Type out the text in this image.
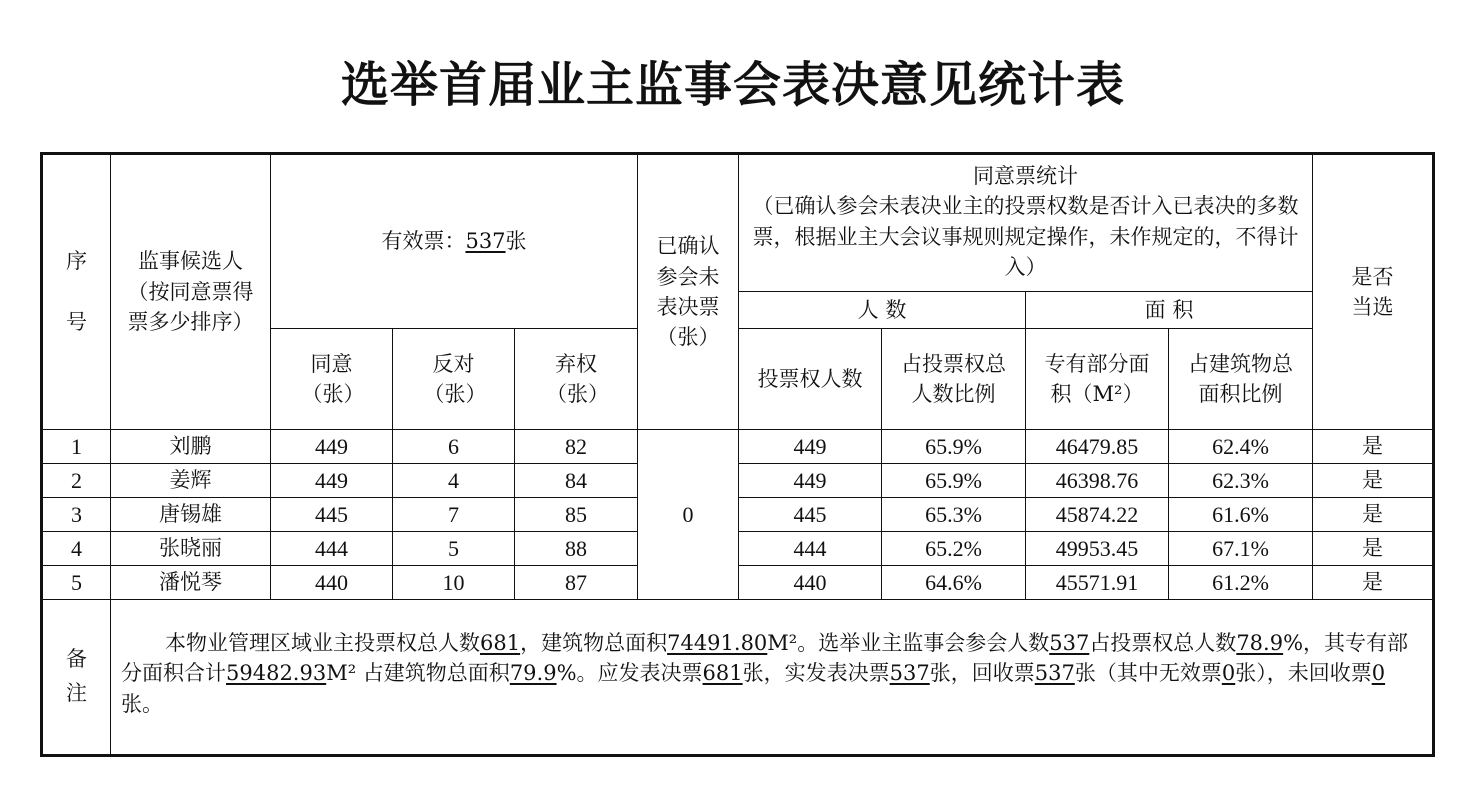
选举首届业主监事会表决意见统计表
序号	监事候选人（按同意票得票多少排序）	有效票：537张			已确认参会未表决票（张）	同意票统计
（已确认参会未表决业主的投票权数是否计入已表决的多数票，根据业主大会议事规则规定操作，未作规定的，不得计入）				是否当选

						人 数		面 积		

		同意（张）	反对（张）	弃权（张）		投票权人数	占投票权总人数比例	专有部分面积（M²）	占建筑物总面积比例	

1	刘鹏	449	6	82	0	449	65.9%	46479.85	62.4%	是
2	姜辉	449	4	84		449	65.9%	46398.76	62.3%	是
3	唐锡雄	445	7	85		445	65.3%	45874.22	61.6%	是
4	张晓丽	444	5	88		444	65.2%	49953.45	67.1%	是
5	潘悦琴	440	10	87		440	64.6%	45571.91	61.2%	是

备注	本物业管理区域业主投票权总人数681，建筑物总面积74491.80M²。选举业主监事会参会人数537占投票权总人数78.9%，其专有部分面积合计59482.93M² 占建筑物总面积79.9%。应发表决票681张，实发表决票537张，回收票537张（其中无效票0张），未回收票0张。									
